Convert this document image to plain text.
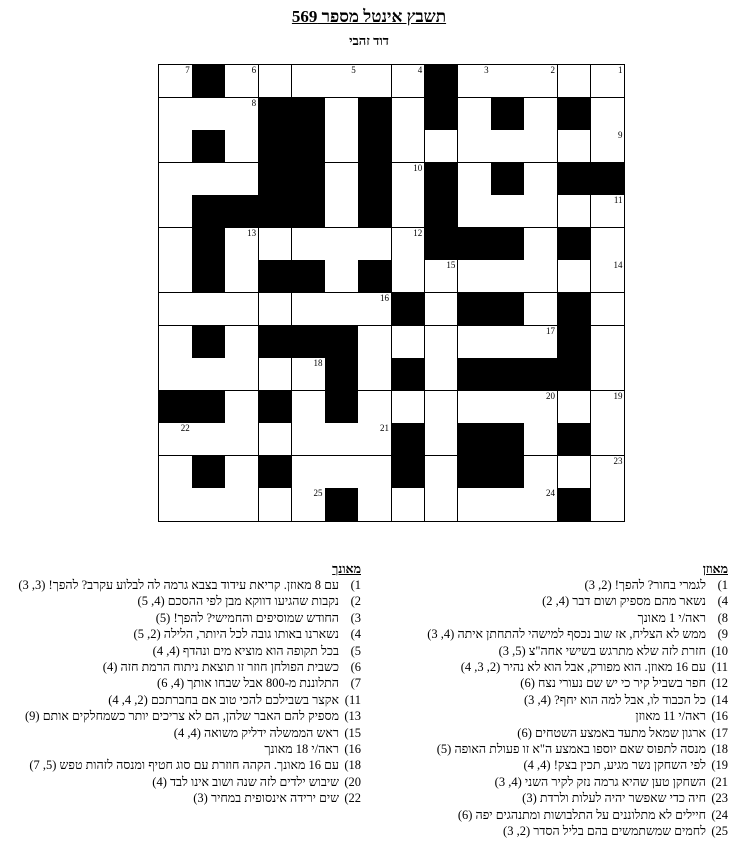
תשבץ אינטל מספר 569
דוד זהבי
7	6	5	4	3	2	1
8
9
10
11
13	12
15	14
16
17
18
20	19
22	21
23
25	24
מאוזן
1)לגמרי בחור? להפך! (2, 3)
4)נשאר מהם מספיק ושום דבר (4, 2)
8)ראה/י 1 מאונך
9)ממש לא הצליח, אז שוב נכסף למישהי להתחתן איתה (4, 3)
10)חזרת לזה שלא מתרגש בשישי אחה"צ (5, 3)
11)עם 16 מאוזן. הוא מפורק, אבל הוא לא נהיר (2, 3, 4)
12)חפר בשביל קיר כי יש שם נעורי נצח (6)
14)כל הכבוד לו, אבל למה הוא יחף? (4, 3)
16)ראה/י 11 מאוזן
17)ארגון שמאל מתעד באמצע השטחים (6)
18)מנסה לתפוס שאם יוספו באמצע ה"א זו פעולת האופה (5)
19)לפי השחקן נשר מגיע, תכין בצק! (4, 4)
21)השחקן טען שהיא גרמה נזק לקיר השני (4, 3)
23)חיה כדי שאפשר יהיה לעלות ולרדת (3)
24)חיילים לא מתלוננים על התלבושות ומתנהגים יפה (6)
25)לחמים שמשתמשים בהם בליל הסדר (2, 3)
מאונך
1)עם 8 מאוזן. קריאת עידוד בצבא גרמה לה לבלוע עקרב? להפך! (3, 3)
2)נקבות שהגיעו דווקא מבן לפי ההסכם (4, 5)
3)החודש שמוסיפים והחמישי? להפך! (5)
4)נשארנו באותו גובה לכל היותר, הלילה (2, 5)
5)בכל תקופה הוא מוציא מים ונהדף (4, 4)
6)כשבית הפולחן חוזר זו תוצאת ניתוח הרמת חזה (4)
7)התלוננת מ-800 אבל שבחו אותך (4, 6)
11)אקצר בשבילכם להכי טוב אם בחברתכם (2, 4, 4)
13)מספיק להם האבר שלהן, הם לא צריכים יותר כשמחלקים אותם (9)
15)ראש הממשלה ידליק משואה (4, 4)
16)ראה/י 18 מאונך
18)עם 16 מאונך. הקהה חוזרת עם סוג חטיף ומנסה לזהות טפש (5, 7)
20)שיבוש ילדים לזה שנה ושוב אינו לבד (4)
22)שים ירידה אינסופית במחיר (3)
